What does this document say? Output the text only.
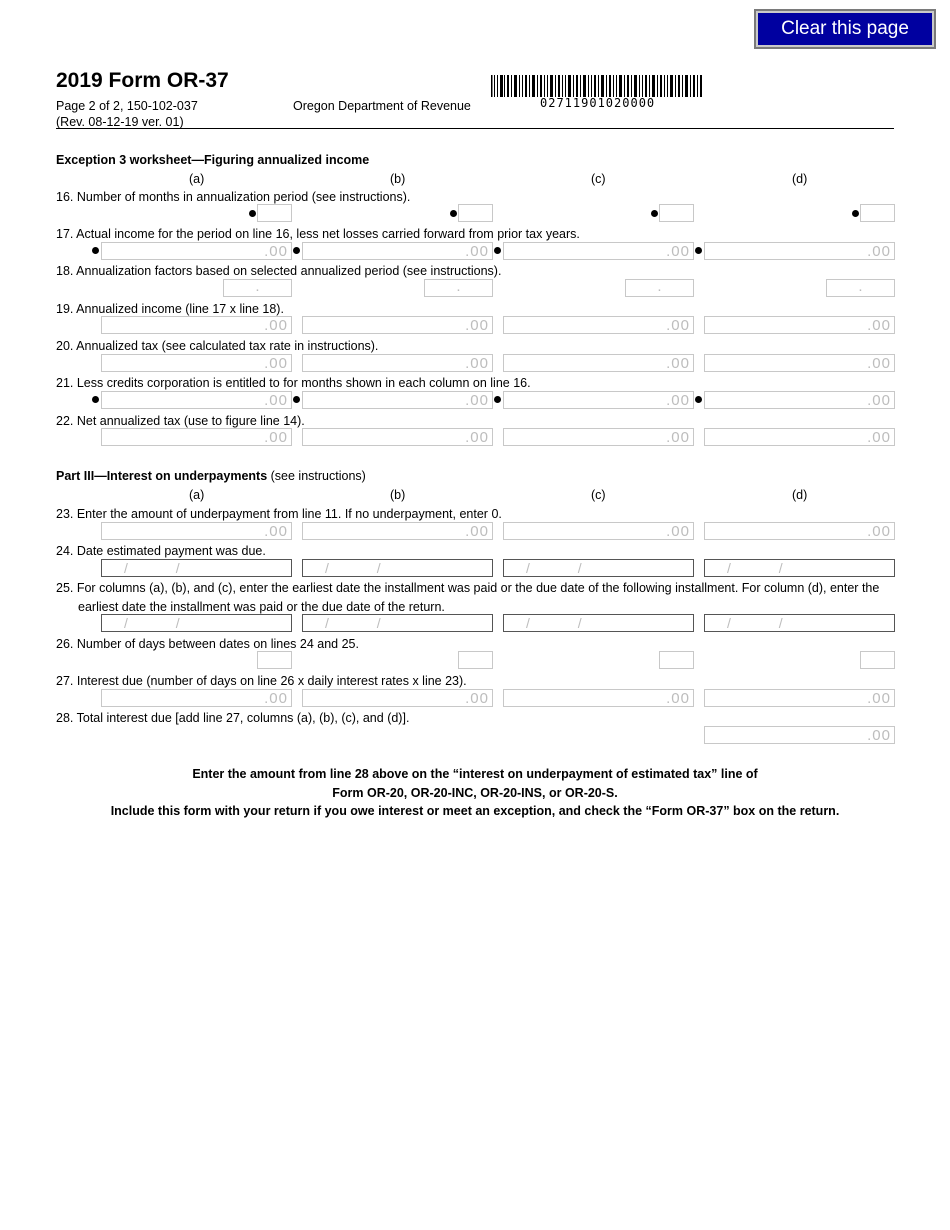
Clear this page
2019 Form OR-37
Page 2 of 2, 150-102-037
(Rev. 08-12-19 ver. 01)
Oregon Department of Revenue	02711901020000
Exception 3 worksheet—Figuring annualized income
(a)	(b)	(c)	(d)
16. Number of months in annualization period (see instructions).
17. Actual income for the period on line 16, less net losses carried forward from prior tax years.
.00	.00	.00	.00
18. Annualization factors based on selected annualized period (see instructions).
.	.	.	.
19. Annualized income (line 17 x line 18).
.00	.00	.00	.00
20. Annualized tax (see calculated tax rate in instructions).
.00	.00	.00	.00
21. Less credits corporation is entitled to for months shown in each column on line 16.
.00	.00	.00	.00
22. Net annualized tax (use to figure line 14).
.00	.00	.00	.00
Part III—Interest on underpayments (see instructions)
(a)	(b)	(c)	(d)
23. Enter the amount of underpayment from line 11. If no underpayment, enter 0.
.00	.00	.00	.00
24. Date estimated payment was due.
/ /	/ /	/ /	/ /
25. For columns (a), (b), and (c), enter the earliest date the installment was paid or the due date of the following installment. For column (d), enter the
earliest date the installment was paid or the due date of the return.
/ /	/ /	/ /	/ /
26. Number of days between dates on lines 24 and 25.
27. Interest due (number of days on line 26 x daily interest rates x line 23).
.00	.00	.00	.00
28. Total interest due [add line 27, columns (a), (b), (c), and (d)].
.00
Enter the amount from line 28 above on the “interest on underpayment of estimated tax” line of
Form OR-20, OR-20-INC, OR-20-INS, or OR-20-S.
Include this form with your return if you owe interest or meet an exception, and check the “Form OR-37” box on the return.
